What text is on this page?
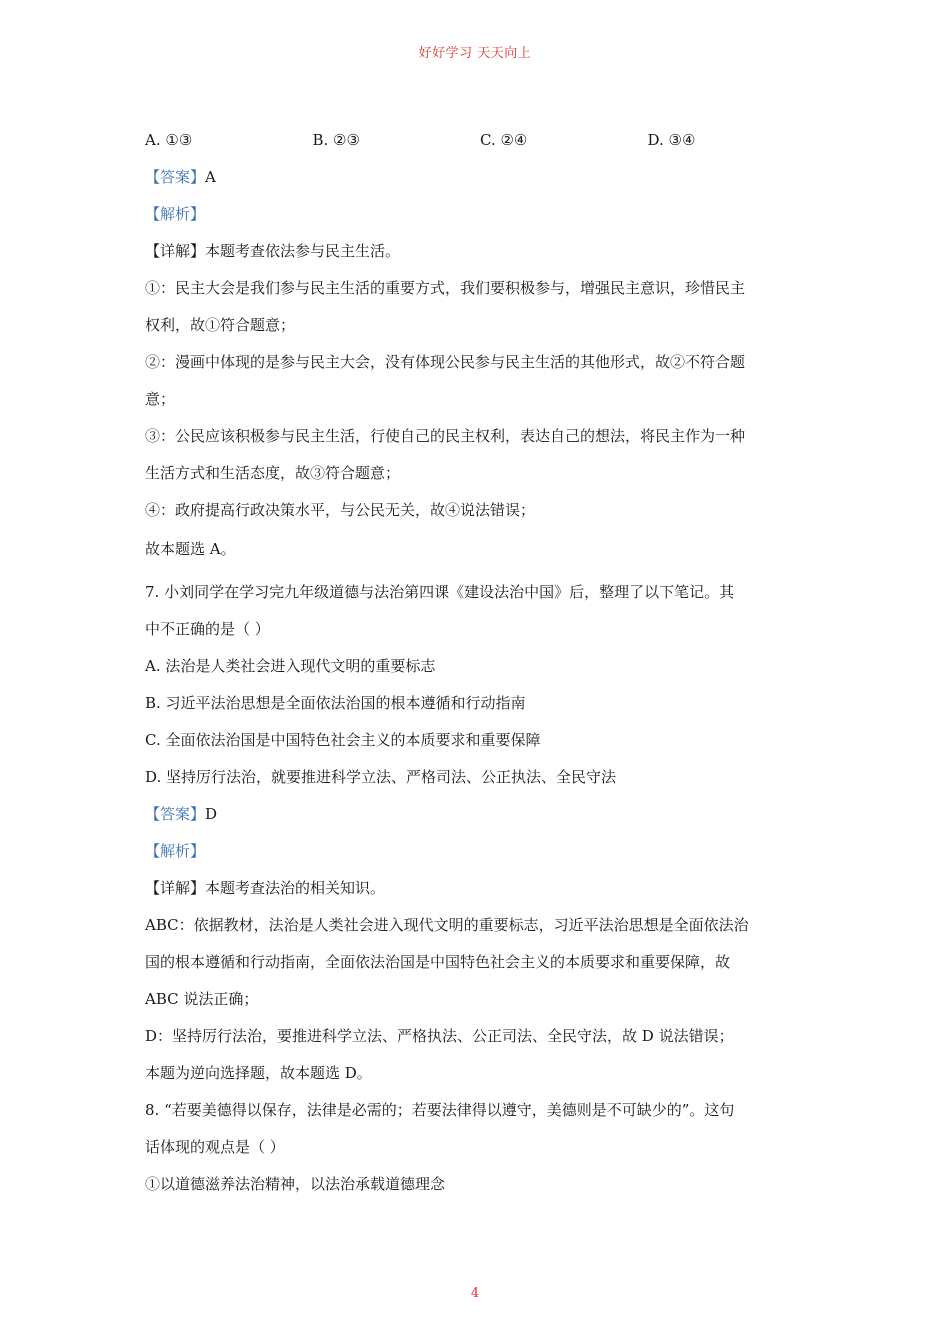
好好学习 天天向上
A. ①③	B. ②③	C. ②④	D. ③④
【答案】A
【解析】
【详解】本题考查依法参与民主生活。
①：民主大会是我们参与民主生活的重要方式，我们要积极参与，增强民主意识，珍惜民主
权利，故①符合题意；
②：漫画中体现的是参与民主大会，没有体现公民参与民主生活的其他形式，故②不符合题
意；
③：公民应该积极参与民主生活，行使自己的民主权利，表达自己的想法，将民主作为一种
生活方式和生活态度，故③符合题意；
④：政府提高行政决策水平，与公民无关，故④说法错误；
故本题选 A。
7. 小刘同学在学习完九年级道德与法治第四课《建设法治中国》后，整理了以下笔记。其
中不正确的是（ ）
A. 法治是人类社会进入现代文明的重要标志
B. 习近平法治思想是全面依法治国的根本遵循和行动指南
C. 全面依法治国是中国特色社会主义的本质要求和重要保障
D. 坚持厉行法治，就要推进科学立法、严格司法、公正执法、全民守法
【答案】D
【解析】
【详解】本题考查法治的相关知识。
ABC：依据教材，法治是人类社会进入现代文明的重要标志，习近平法治思想是全面依法治
国的根本遵循和行动指南，全面依法治国是中国特色社会主义的本质要求和重要保障，故
ABC 说法正确；
D：坚持厉行法治，要推进科学立法、严格执法、公正司法、全民守法，故 D 说法错误；
本题为逆向选择题，故本题选 D。
8. “若要美德得以保存，法律是必需的；若要法律得以遵守，美德则是不可缺少的”。这句
话体现的观点是（ ）
①以道德滋养法治精神，以法治承载道德理念
4
